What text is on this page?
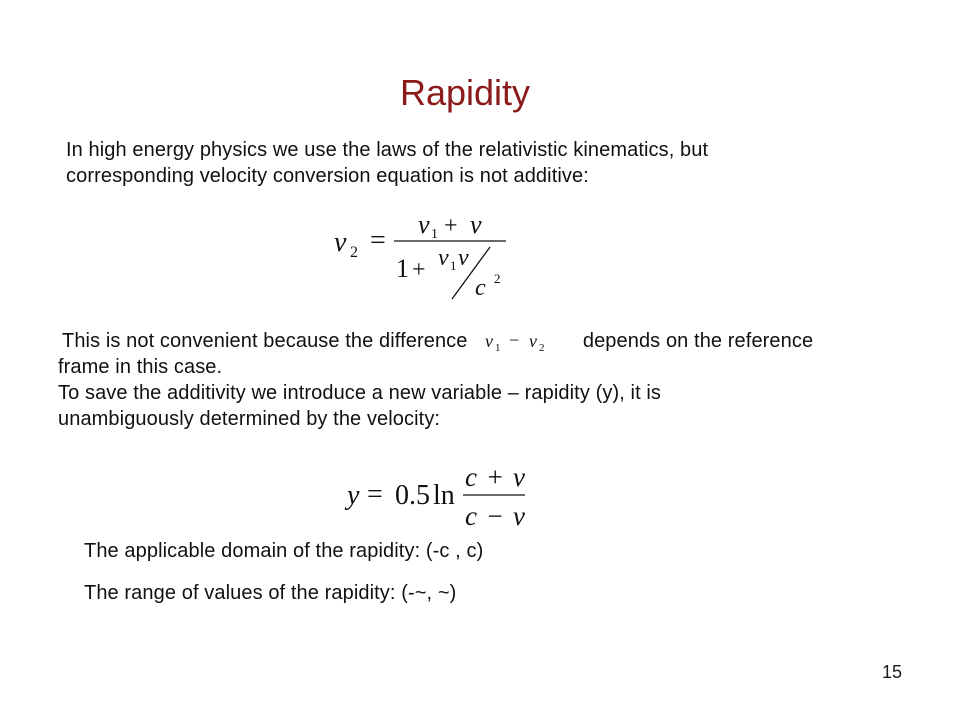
Rapidity
In high energy physics we use the laws of the relativistic kinematics, but
corresponding velocity conversion equation is not additive:
v 2 =
v 1 + v
1 + v 1 v
c 2
This is not convenient because the difference v 1 − v 2 depends on the reference
frame in this case.
To save the additivity we introduce a new variable – rapidity (y), it is
unambiguously determined by the velocity:
y = 0.5 ln
c + v
c − v
The applicable domain of the rapidity: (-c , c)
The range of values of the rapidity: (-~, ~)
15
